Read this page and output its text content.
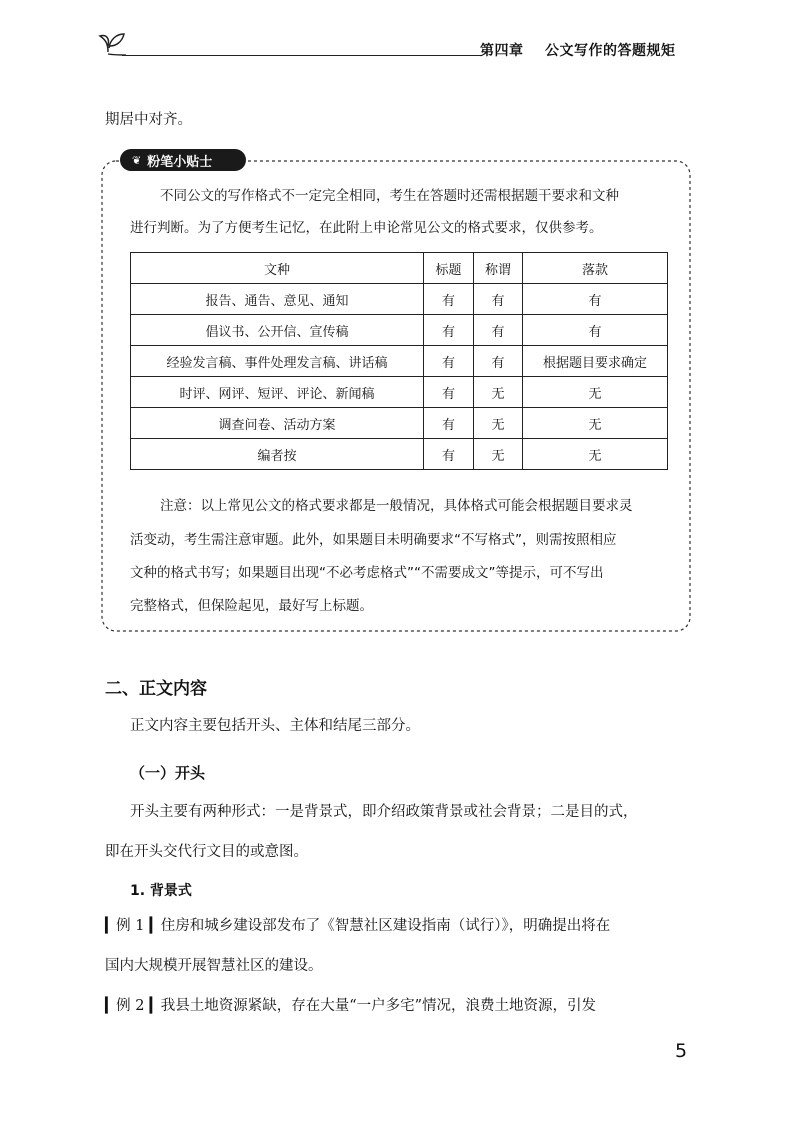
第四章 公文写作的答题规矩
期居中对齐。
❦ 粉笔小贴士
不同公文的写作格式不一定完全相同，考生在答题时还需根据题干要求和文种
进行判断。为了方便考生记忆，在此附上申论常见公文的格式要求，仅供参考。
文种	标题	称谓	落款
报告、通告、意见、通知	有	有	有
倡议书、公开信、宣传稿	有	有	有
经验发言稿、事件处理发言稿、讲话稿	有	有	根据题目要求确定
时评、网评、短评、评论、新闻稿	有	无	无
调查问卷、活动方案	有	无	无
编者按	有	无	无
注意：以上常见公文的格式要求都是一般情况，具体格式可能会根据题目要求灵
活变动，考生需注意审题。此外，如果题目未明确要求“不写格式”，则需按照相应
文种的格式书写；如果题目出现“不必考虑格式”“不需要成文”等提示，可不写出
完整格式，但保险起见，最好写上标题。
二、正文内容
正文内容主要包括开头、主体和结尾三部分。
（一）开头
开头主要有两种形式：一是背景式，即介绍政策背景或社会背景；二是目的式，
即在开头交代行文目的或意图。
1. 背景式
▎例 1 ▎住房和城乡建设部发布了《智慧社区建设指南（试行）》，明确提出将在
国内大规模开展智慧社区的建设。
▎例 2 ▎我县土地资源紧缺，存在大量“一户多宅”情况，浪费土地资源，引发
5
